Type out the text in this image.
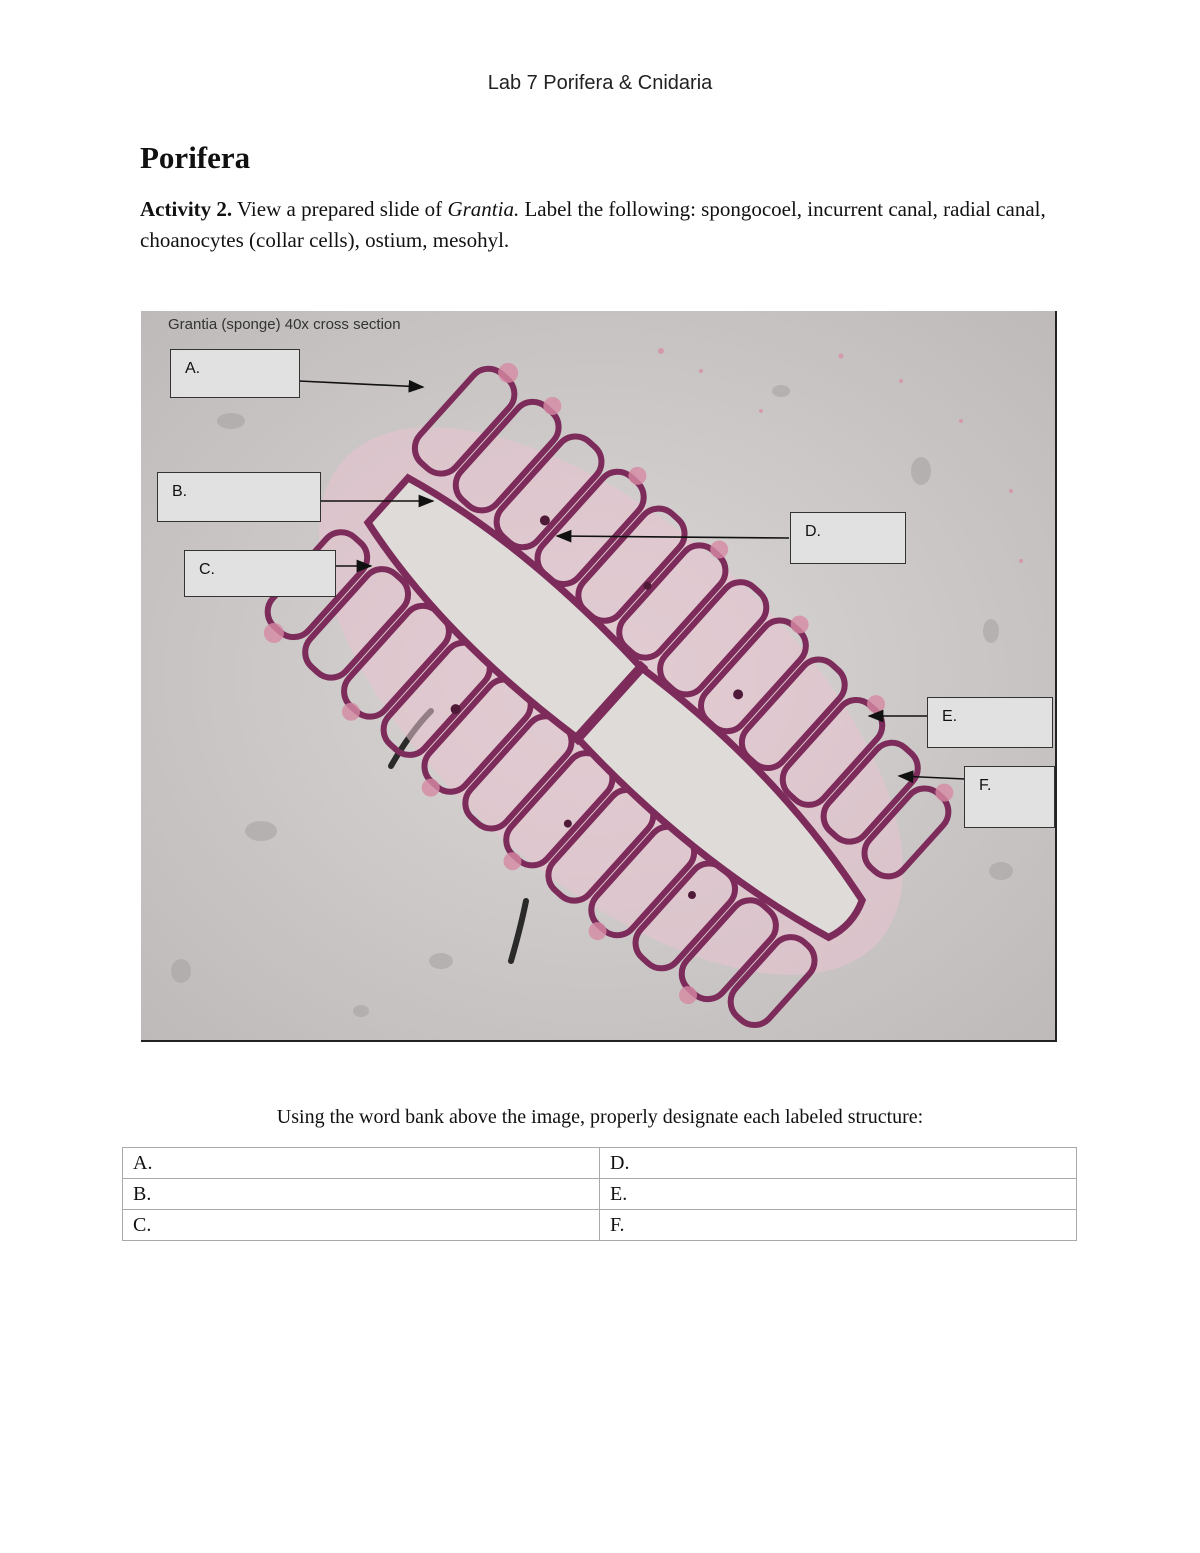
Lab 7 Porifera & Cnidaria
Porifera

Activity 2. View a prepared slide of Grantia. Label the following: spongocoel, incurrent canal, radial canal, choanocytes (collar cells), ostium, mesohyl.

Grantia (sponge) 40x cross section
A.
B.
C.
D.
E.
F.
Using the word bank above the image, properly designate each labeled structure:
A.	D.
B.	E.
C.	F.
